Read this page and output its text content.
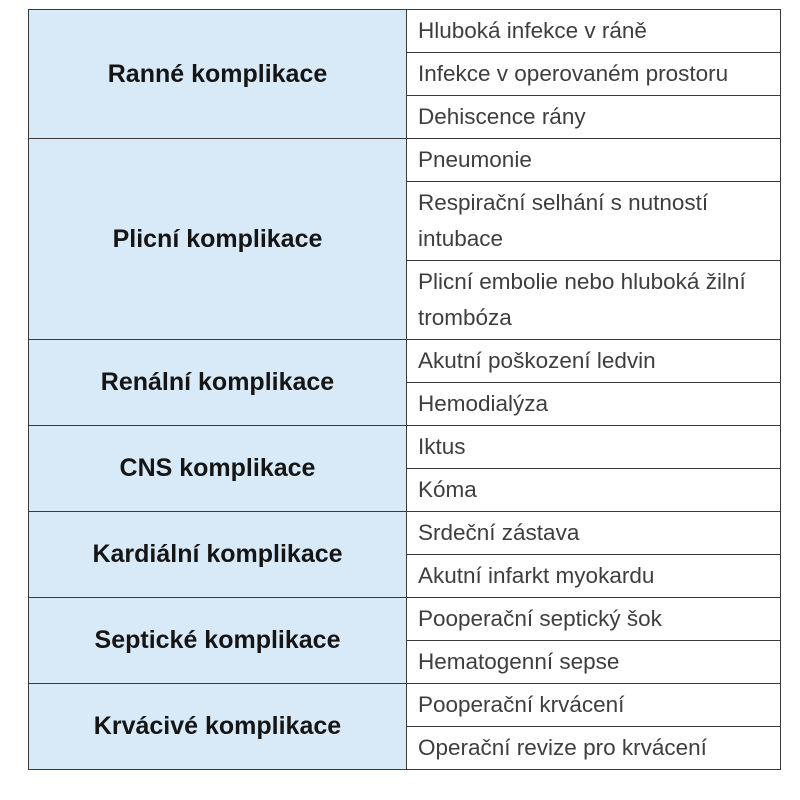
Ranné komplikace	Hluboká infekce v ráně
	Infekce v operovaném prostoru
	Dehiscence rány
Plicní komplikace	Pneumonie
	Respirační selhání s nutností intubace
	Plicní embolie nebo hluboká žilní trombóza
Renální komplikace	Akutní poškození ledvin
	Hemodialýza
CNS komplikace	Iktus
	Kóma
Kardiální komplikace	Srdeční zástava
	Akutní infarkt myokardu
Septické komplikace	Pooperační septický šok
	Hematogenní sepse
Krvácivé komplikace	Pooperační krvácení
	Operační revize pro krvácení
